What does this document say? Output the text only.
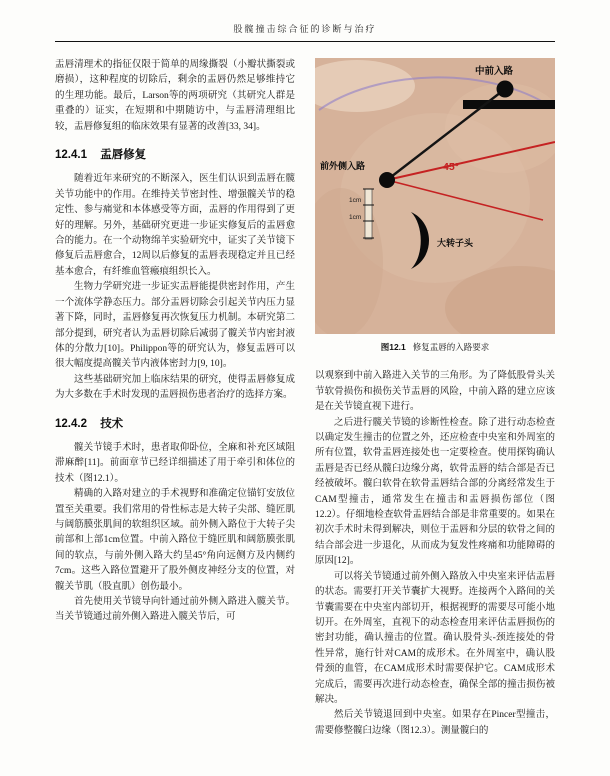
股髋撞击综合征的诊断与治疗

盂唇清理术的指征仅限于简单的周缘撕裂（小瓣状撕裂或磨损），这种程度的切除后，剩余的盂唇仍然足够维持它的生理功能。最后，Larson等的两项研究（其研究人群是重叠的）证实，在短期和中期随访中，与盂唇清理组比较，盂唇修复组的临床效果有显著的改善[33, 34]。

12.4.1 盂唇修复

随着近年来研究的不断深入，医生们认识到盂唇在髋关节功能中的作用。在维持关节密封性、增强髋关节的稳定性、参与痛觉和本体感受等方面，盂唇的作用得到了更好的理解。另外，基础研究更进一步证实修复后的盂唇愈合的能力。在一个动物绵羊实验研究中，证实了关节镜下修复后盂唇愈合，12周以后修复的盂唇表现稳定并且已经基本愈合，有纤维血管瘢痕组织长入。

生物力学研究进一步证实盂唇能提供密封作用，产生一个流体学静态压力。部分盂唇切除会引起关节内压力显著下降，同时，盂唇修复再次恢复压力机制。本研究第二部分提到，研究者认为盂唇切除后减弱了髋关节内密封液体的分散力[10]。Philippon等的研究认为，修复盂唇可以很大幅度提高髋关节内液体密封力[9, 10]。

这些基础研究加上临床结果的研究，使得盂唇修复成为大多数在手术时发现的盂唇损伤患者治疗的选择方案。

12.4.2 技术

髋关节镜手术时，患者取仰卧位，全麻和补充区域阻滞麻醉[11]。前面章节已经详细描述了用于牵引和体位的技术（图12.1）。

精确的入路对建立的手术视野和准确定位锚钉安放位置至关重要。我们常用的骨性标志是大转子尖部、缝匠肌与阔筋膜张肌间的软组织区域。前外侧入路位于大转子尖前部和上部1cm位置。中前入路位于缝匠肌和阔筋膜张肌间的软点，与前外侧入路大约呈45°角向远侧方及内侧约7cm。这些入路位置避开了股外侧皮神经分支的位置，对髋关节肌（股直肌）创伤最小。

首先使用关节镜导向针通过前外侧入路进入髋关节。当关节镜通过前外侧入路进入髋关节后，可

1cm
1cm
中前入路
前外侧入路	45°
大转子头
图12.1 修复盂唇的入路要求

以观察到中前入路进入关节的三角形。为了降低股骨头关节软骨损伤和损伤关节盂唇的风险，中前入路的建立应该是在关节镜直视下进行。

之后进行髋关节镜的诊断性检查。除了进行动态检查以确定发生撞击的位置之外，还应检查中央室和外周室的所有位置，软骨盂唇连接处也一定要检查。使用探钩确认盂唇是否已经从髋臼边缘分离，软骨盂唇的结合部是否已经被破坏。髋臼软骨在软骨盂唇结合部的分离经常发生于CAM型撞击，通常发生在撞击和盂唇损伤部位（图12.2）。仔细地检查软骨盂唇结合部是非常重要的。如果在初次手术时未得到解决，则位于盂唇和分层的软骨之间的结合部会进一步退化，从而成为复发性疼痛和功能障碍的原因[12]。

可以将关节镜通过前外侧入路放入中央室来评估盂唇的状态。需要打开关节囊扩大视野。连接两个入路间的关节囊需要在中央室内部切开，根据视野的需要尽可能小地切开。在外周室，直视下的动态检查用来评估盂唇损伤的密封功能，确认撞击的位置。确认股骨头-颈连接处的骨性异常，施行针对CAM的成形术。在外周室中，确认股骨颈的血管，在CAM成形术时需要保护它。CAM成形术完成后，需要再次进行动态检查，确保全部的撞击损伤被解决。

然后关节镜退回到中央室。如果存在Pincer型撞击，需要修整髋臼边缘（图12.3）。测量髋臼的
